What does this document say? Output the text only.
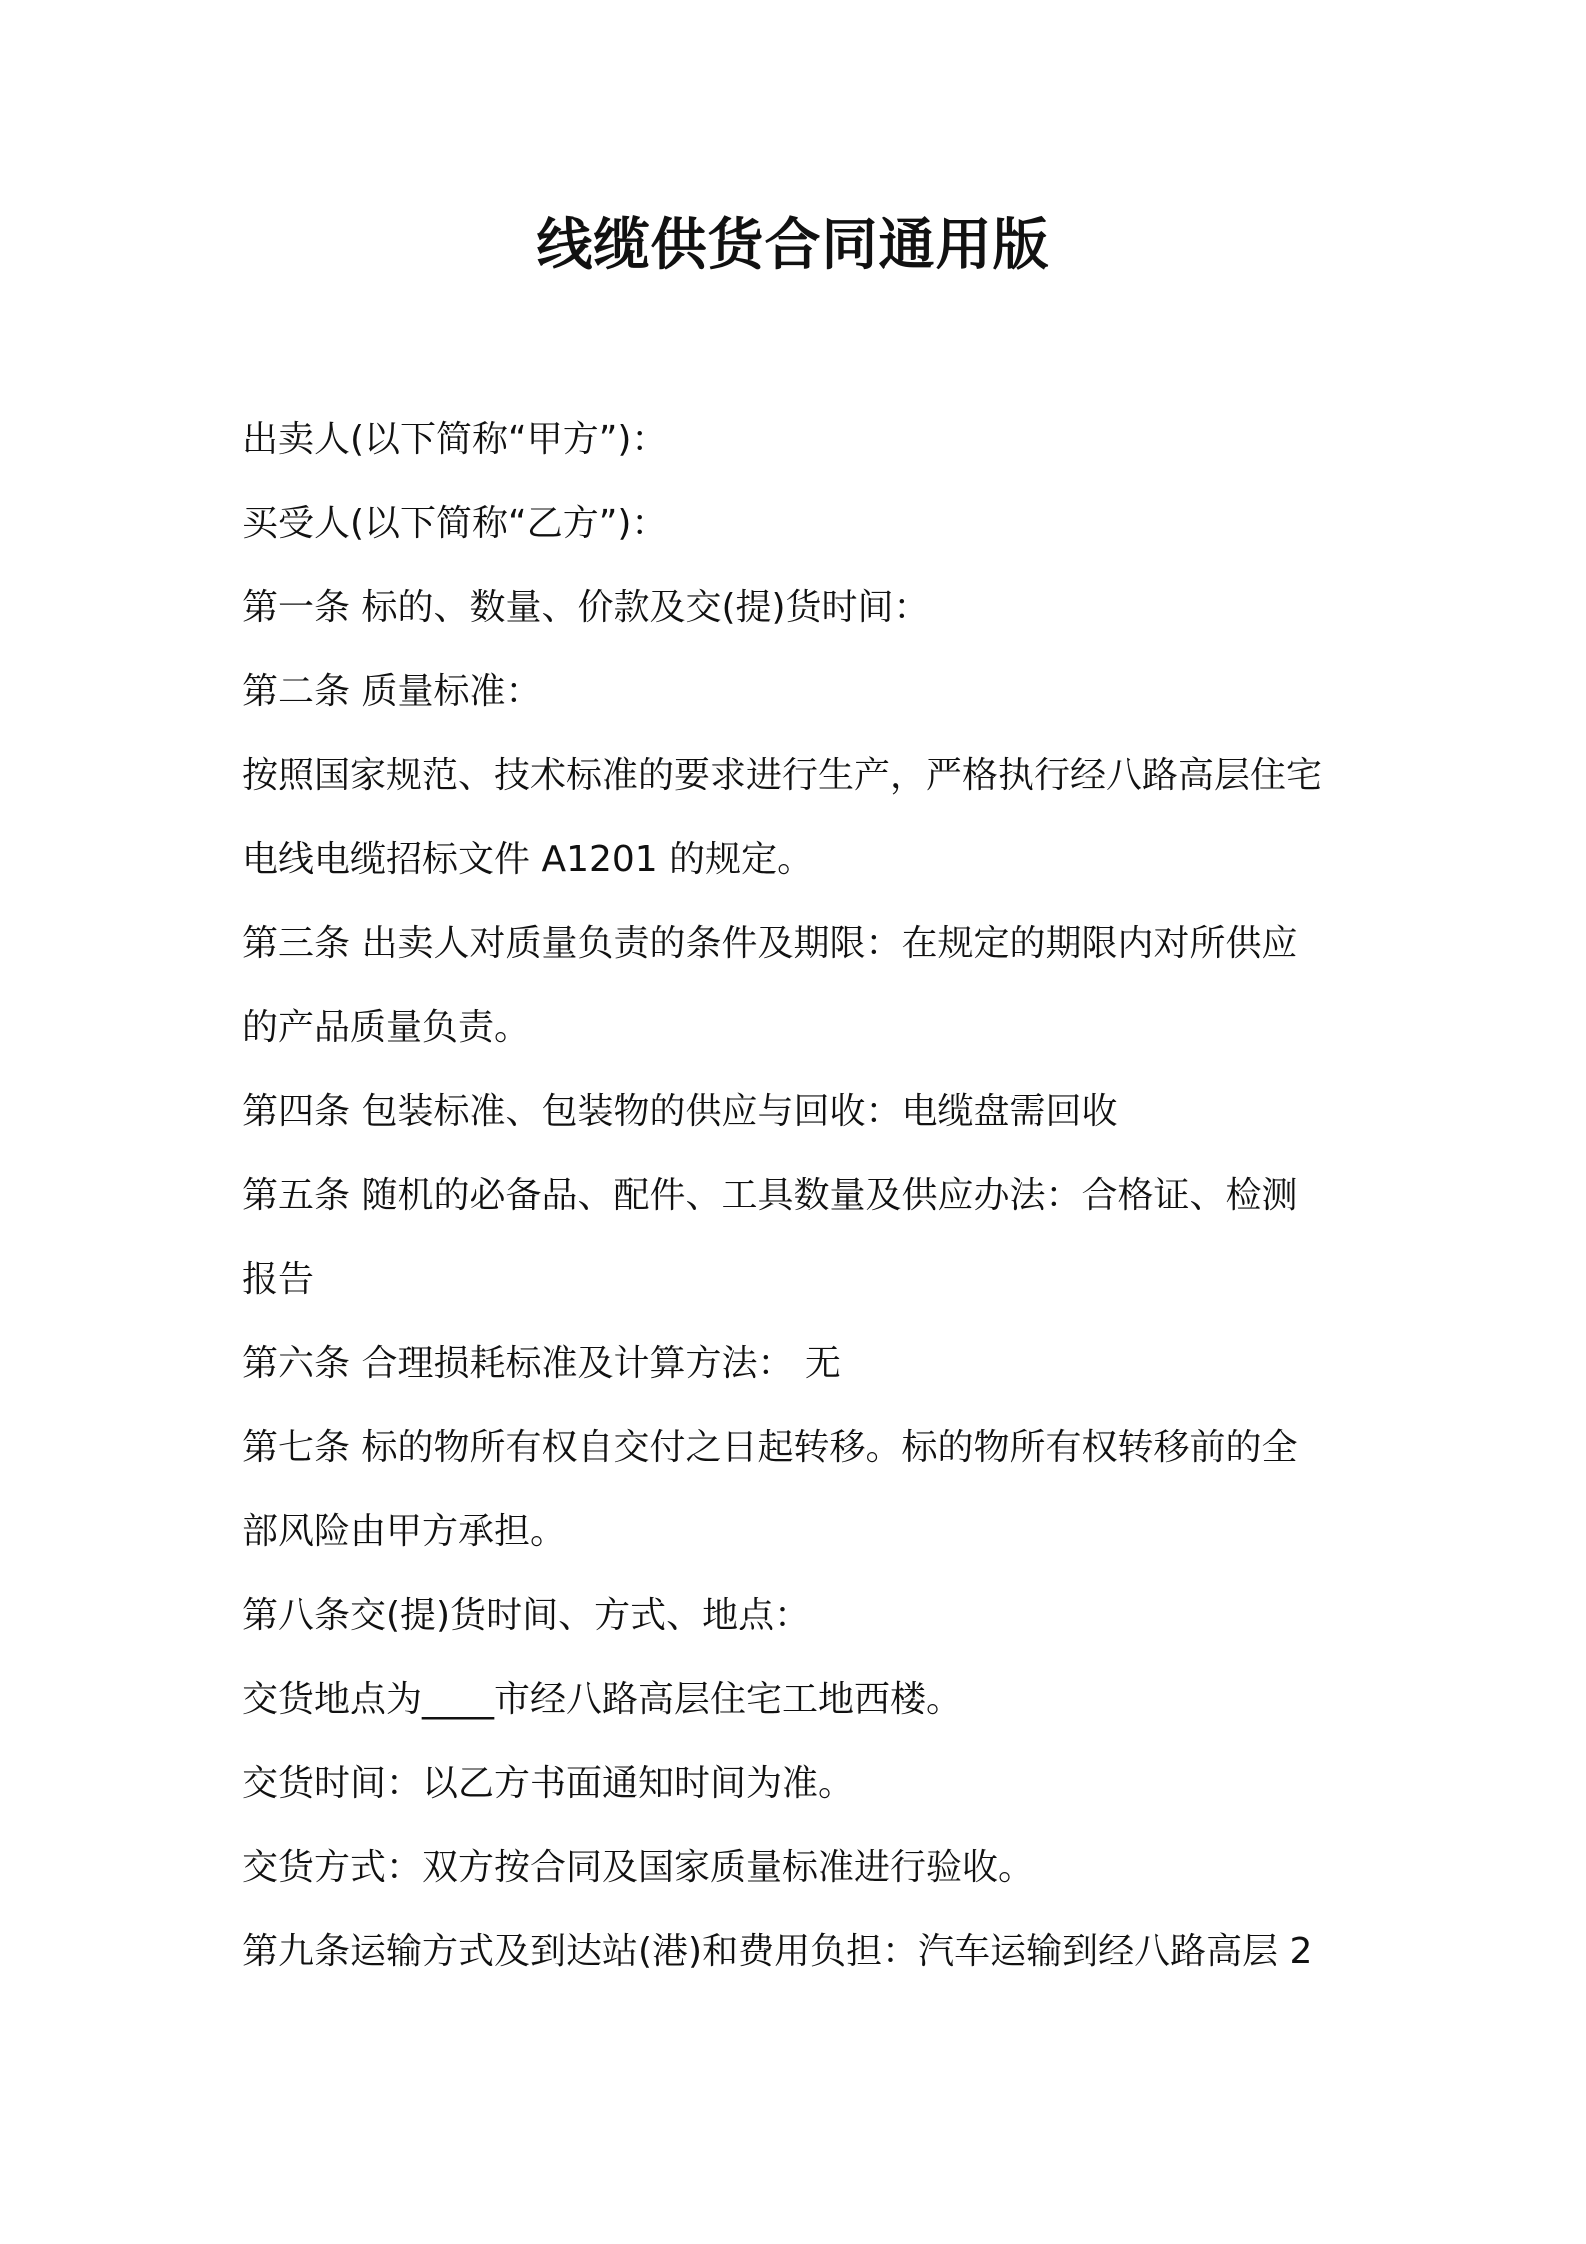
线缆供货合同通用版
出卖人(以下简称“甲方”)：
买受人(以下简称“乙方”)：
第一条 标的、数量、价款及交(提)货时间：
第二条 质量标准：
按照国家规范、技术标准的要求进行生产，严格执行经八路高层住宅
电线电缆招标文件 A1201 的规定。
第三条 出卖人对质量负责的条件及期限：在规定的期限内对所供应
的产品质量负责。
第四条 包装标准、包装物的供应与回收：电缆盘需回收
第五条 随机的必备品、配件、工具数量及供应办法：合格证、检测
报告
第六条 合理损耗标准及计算方法： 无
第七条 标的物所有权自交付之日起转移。标的物所有权转移前的全
部风险由甲方承担。
第八条交(提)货时间、方式、地点：
交货地点为____市经八路高层住宅工地西楼。
交货时间：以乙方书面通知时间为准。
交货方式：双方按合同及国家质量标准进行验收。
第九条运输方式及到达站(港)和费用负担：汽车运输到经八路高层 2
